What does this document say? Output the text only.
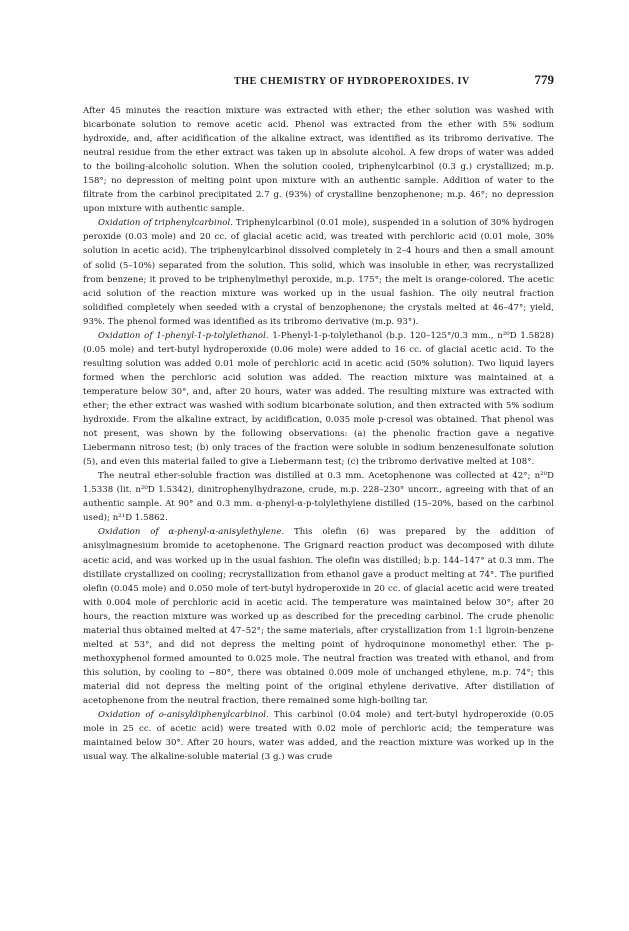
THE CHEMISTRY OF HYDROPEROXIDES. IV	779

After 45 minutes the reaction mixture was extracted with ether; the ether solution was washed with bicarbonate solution to remove acetic acid. Phenol was extracted from the ether with 5% sodium hydroxide, and, after acidification of the alkaline extract, was identified as its tribromo derivative. The neutral residue from the ether extract was taken up in absolute alcohol. A few drops of water was added to the boiling-alcoholic solution. When the solution cooled, triphenylcarbinol (0.3 g.) crystallized; m.p. 158°; no depression of melting point upon mixture with an authentic sample. Addition of water to the filtrate from the carbinol precipitated 2.7 g. (93%) of crystalline benzophenone; m.p. 46°; no depression upon mixture with authentic sample.

Oxidation of triphenylcarbinol. Triphenylcarbinol (0.01 mole), suspended in a solution of 30% hydrogen peroxide (0.03 mole) and 20 cc. of glacial acetic acid, was treated with perchloric acid (0.01 mole, 30% solution in acetic acid). The triphenylcarbinol dissolved completely in 2–4 hours and then a small amount of solid (5–10%) separated from the solution. This solid, which was insoluble in ether, was recrystallized from benzene; it proved to be triphenylmethyl peroxide, m.p. 175°; the melt is orange-colored. The acetic acid solution of the reaction mixture was worked up in the usual fashion. The oily neutral fraction solidified completely when seeded with a crystal of benzophenone; the crystals melted at 46–47°; yield, 93%. The phenol formed was identified as its tribromo derivative (m.p. 93°).

Oxidation of 1-phenyl-1-p-tolylethanol. 1-Phenyl-1-p-tolylethanol (b.p. 120–125°/0.3 mm., n²⁰D 1.5828) (0.05 mole) and tert-butyl hydroperoxide (0.06 mole) were added to 16 cc. of glacial acetic acid. To the resulting solution was added 0.01 mole of perchloric acid in acetic acid (50% solution). Two liquid layers formed when the perchloric acid solution was added. The reaction mixture was maintained at a temperature below 30°, and, after 20 hours, water was added. The resulting mixture was extracted with ether; the ether extract was washed with sodium bicarbonate solution, and then extracted with 5% sodium hydroxide. From the alkaline extract, by acidification, 0.035 mole p-cresol was obtained. That phenol was not present, was shown by the following observations: (a) the phenolic fraction gave a negative Liebermann nitroso test; (b) only traces of the fraction were soluble in sodium benzenesulfonate solution (5), and even this material failed to give a Liebermann test; (c) the tribromo derivative melted at 108°.

The neutral ether-soluble fraction was distilled at 0.3 mm. Acetophenone was collected at 42°; n²⁰D 1.5338 (lit. n²⁰D 1.5342), dinitrophenylhydrazone, crude, m.p. 228–230° uncorr., agreeing with that of an authentic sample. At 90° and 0.3 mm. α-phenyl-α-p-tolylethylene distilled (15–20%, based on the carbinol used); n²¹D 1.5862.

Oxidation of α-phenyl-α-anisylethylene. This olefin (6) was prepared by the addition of anisylmagnesium bromide to acetophenone. The Grignard reaction product was decomposed with dilute acetic acid, and was worked up in the usual fashion. The olefin was distilled; b.p. 144–147° at 0.3 mm. The distillate crystallized on cooling; recrystallization from ethanol gave a product melting at 74°. The purified olefin (0.045 mole) and 0.050 mole of tert-butyl hydroperoxide in 20 cc. of glacial acetic acid were treated with 0.004 mole of perchloric acid in acetic acid. The temperature was maintained below 30°; after 20 hours, the reaction mixture was worked up as described for the preceding carbinol. The crude phenolic material thus obtained melted at 47–52°; the same materials, after crystallization from 1:1 ligroin-benzene melted at 53°, and did not depress the melting point of hydroquinone monomethyl ether. The p-methoxyphenol formed amounted to 0.025 mole. The neutral fraction was treated with ethanol, and from this solution, by cooling to −80°, there was obtained 0.009 mole of unchanged ethylene, m.p. 74°; this material did not depress the melting point of the original ethylene derivative. After distillation of acetophenone from the neutral fraction, there remained some high-boiling tar.

Oxidation of o-anisyldiphenylcarbinol. This carbinol (0.04 mole) and tert-butyl hydroperoxide (0.05 mole in 25 cc. of acetic acid) were treated with 0.02 mole of perchloric acid; the temperature was maintained below 30°. After 20 hours, water was added, and the reaction mixture was worked up in the usual way. The alkaline-soluble material (3 g.) was crude
